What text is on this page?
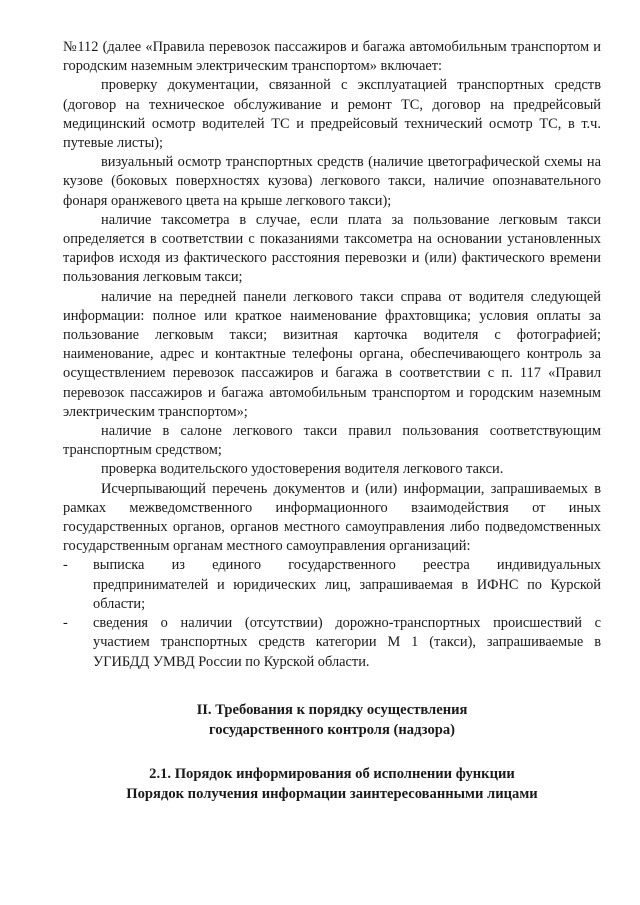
№112 (далее «Правила перевозок пассажиров и багажа автомобильным транспортом и городским наземным электрическим транспортом» включает:

проверку документации, связанной с эксплуатацией транспортных средств (договор на техническое обслуживание и ремонт ТС, договор на предрейсовый медицинский осмотр водителей ТС и предрейсовый технический осмотр ТС, в т.ч. путевые листы);

визуальный осмотр транспортных средств (наличие цветографической схемы на кузове (боковых поверхностях кузова) легкового такси, наличие опознавательного фонаря оранжевого цвета на крыше легкового такси);

наличие таксометра в случае, если плата за пользование легковым такси определяется в соответствии с показаниями таксометра на основании установленных тарифов исходя из фактического расстояния перевозки и (или) фактического времени пользования легковым такси;

наличие на передней панели легкового такси справа от водителя следующей информации: полное или краткое наименование фрахтовщика; условия оплаты за пользование легковым такси; визитная карточка водителя с фотографией; наименование, адрес и контактные телефоны органа, обеспечивающего контроль за осуществлением перевозок пассажиров и багажа в соответствии с п. 117 «Правил перевозок пассажиров и багажа автомобильным транспортом и городским наземным электрическим транспортом»;

наличие в салоне легкового такси правил пользования соответствующим транспортным средством;

проверка водительского удостоверения водителя легкового такси.

Исчерпывающий перечень документов и (или) информации, запрашиваемых в рамках межведомственного информационного взаимодействия от иных государственных органов, органов местного самоуправления либо подведомственных государственным органам местного самоуправления организаций:

- выписка из единого государственного реестра индивидуальных предпринимателей и юридических лиц, запрашиваемая в ИФНС по Курской области;

- сведения о наличии (отсутствии) дорожно-транспортных происшествий с участием транспортных средств категории М 1 (такси), запрашиваемые в УГИБДД УМВД России по Курской области.

II. Требования к порядку осуществления

государственного контроля (надзора)

2.1. Порядок информирования об исполнении функции

Порядок получения информации заинтересованными лицами
